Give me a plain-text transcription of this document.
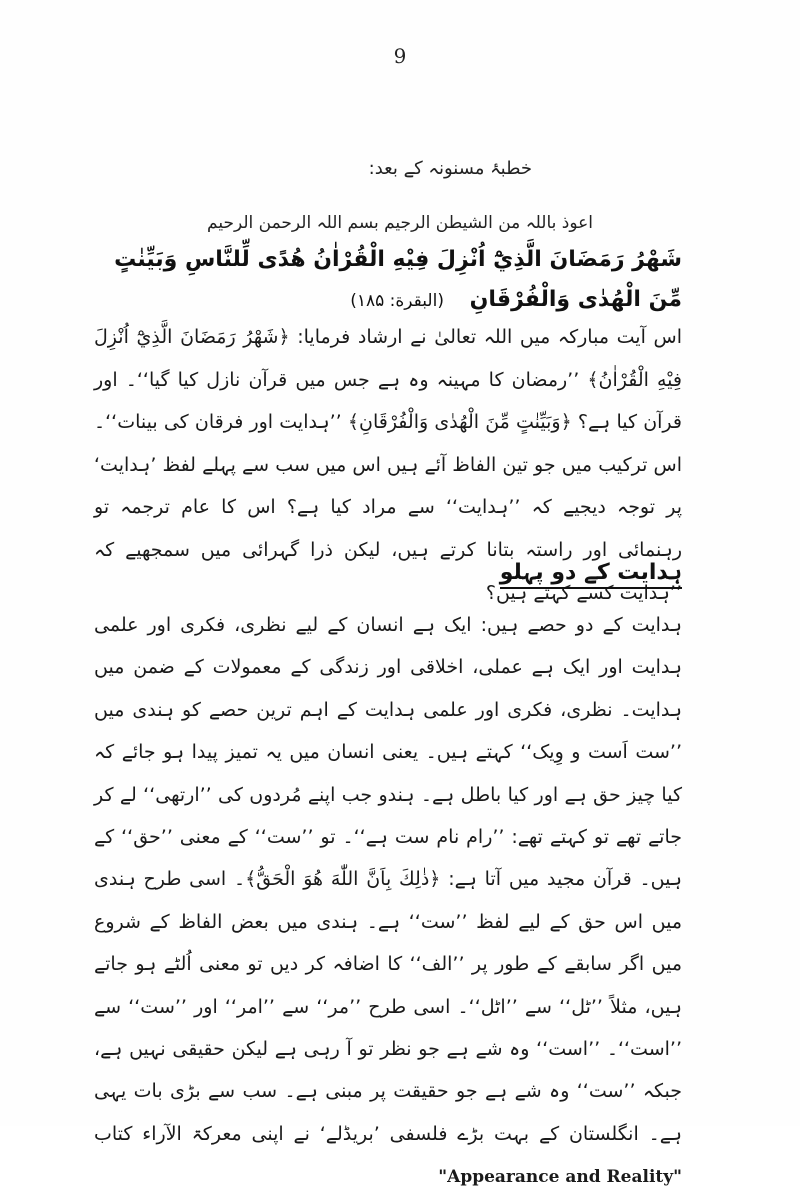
9
خطبۂ مسنونہ کے بعد:
اعوذ باللہ من الشیطن الرجیم بسم اللہ الرحمن الرحیم
شَهْرُ رَمَضَانَ الَّذِيْٓ اُنْزِلَ فِيْهِ الْقُرْاٰنُ هُدًى لِّلنَّاسِ وَبَيِّنٰتٍ مِّنَ الْهُدٰى وَالْفُرْقَانِ (البقرة: ۱۸۵)
اس آیت مبارکہ میں اللہ تعالیٰ نے ارشاد فرمایا: ﴿شَهْرُ رَمَضَانَ الَّذِيْٓ اُنْزِلَ فِيْهِ الْقُرْاٰنُ﴾ ’’رمضان کا مہینہ وہ ہے جس میں قرآن نازل کیا گیا‘‘۔ اور قرآن کیا ہے؟ ﴿وَبَيِّنٰتٍ مِّنَ الْهُدٰى وَالْفُرْقَانِ﴾ ’’ہدایت اور فرقان کی بینات‘‘۔ اس ترکیب میں جو تین الفاظ آئے ہیں اس میں سب سے پہلے لفظ ’ہدایت‘ پر توجہ دیجیے کہ ’’ہدایت‘‘ سے مراد کیا ہے؟ اس کا عام ترجمہ تو رہنمائی اور راستہ بتانا کرتے ہیں، لیکن ذرا گہرائی میں سمجھیے کہ ’’ہدایت کسے کہتے ہیں؟
ہدایت کے دو پہلو
ہدایت کے دو حصے ہیں: ایک ہے انسان کے لیے نظری، فکری اور علمی ہدایت اور ایک ہے عملی، اخلاقی اور زندگی کے معمولات کے ضمن میں ہدایت۔ نظری، فکری اور علمی ہدایت کے اہم ترین حصے کو ہندی میں ’’ست اَست و وِیک‘‘ کہتے ہیں۔ یعنی انسان میں یہ تمیز پیدا ہو جائے کہ کیا چیز حق ہے اور کیا باطل ہے۔ ہندو جب اپنے مُردوں کی ’’ارتھی‘‘ لے کر جاتے تھے تو کہتے تھے: ’’رام نام ست ہے‘‘۔ تو ’’ست‘‘ کے معنی ’’حق‘‘ کے ہیں۔ قرآن مجید میں آتا ہے: ﴿ذٰلِكَ بِاَنَّ اللّٰهَ هُوَ الْحَقُّ﴾۔ اسی طرح ہندی میں اس حق کے لیے لفظ ’’ست‘‘ ہے۔ ہندی میں بعض الفاظ کے شروع میں اگر سابقے کے طور پر ’’الف‘‘ کا اضافہ کر دیں تو معنی اُلٹے ہو جاتے ہیں، مثلاً ’’ٹل‘‘ سے ’’اٹل‘‘۔ اسی طرح ’’مر‘‘ سے ’’امر‘‘ اور ’’ست‘‘ سے ’’است‘‘۔ ’’است‘‘ وہ شے ہے جو نظر تو آ رہی ہے لیکن حقیقی نہیں ہے، جبکہ ’’ست‘‘ وہ شے ہے جو حقیقت پر مبنی ہے۔ سب سے بڑی بات یہی ہے۔ انگلستان کے بہت بڑے فلسفی ’بریڈلے‘ نے اپنی معرکۃ الآراء کتاب "Appearance and Reality"
